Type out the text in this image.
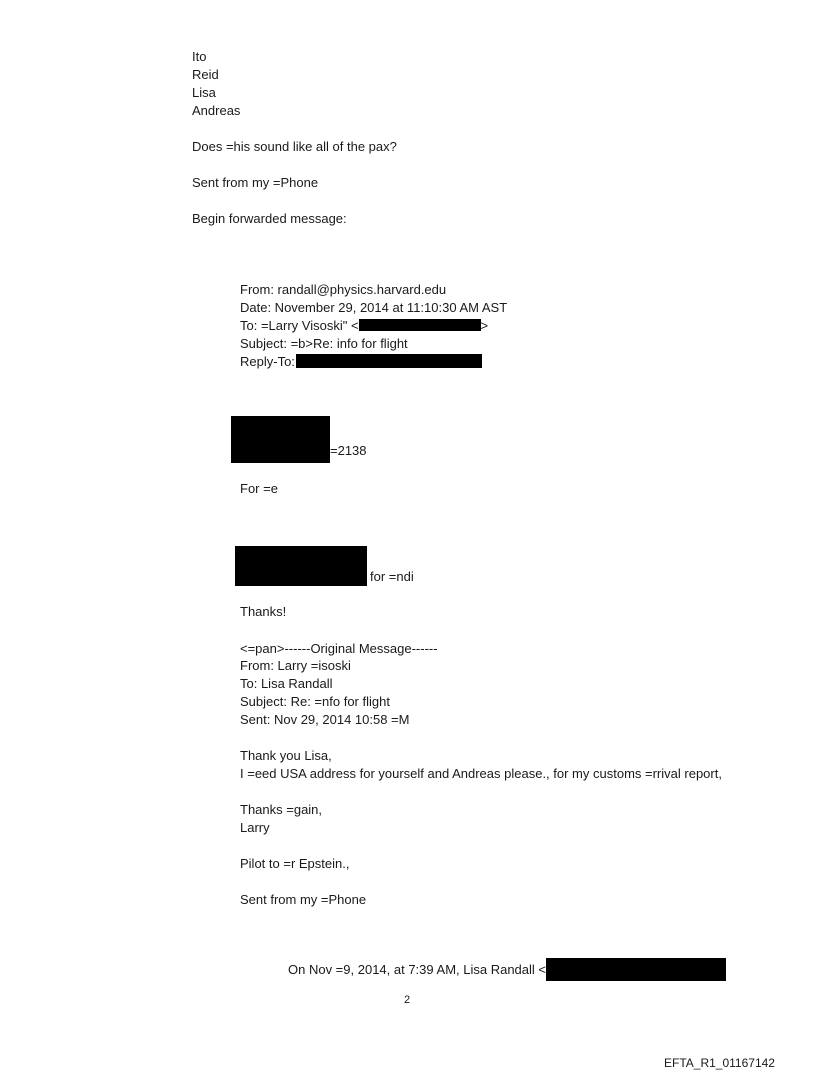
Ito
Reid
Lisa
Andreas
Does =his sound like all of the pax?
Sent from my =Phone
Begin forwarded message:
From: randall@physics.harvard.edu
Date: November 29, 2014 at 11:10:30 AM AST
To: =Larry Visoski" <	>
Subject: =b>Re: info for flight
Reply-To:
=2138
For =e
for =ndi
Thanks!
<=pan>------Original Message------
From: Larry =isoski
To: Lisa Randall
Subject: Re: =nfo for flight
Sent: Nov 29, 2014 10:58 =M
Thank you Lisa,
I =eed USA address for yourself and Andreas please., for my customs =rrival report,
Thanks =gain,
Larry
Pilot to =r Epstein.,
Sent from my =Phone
On Nov =9, 2014, at 7:39 AM, Lisa Randall <
2
EFTA_R1_01167142
